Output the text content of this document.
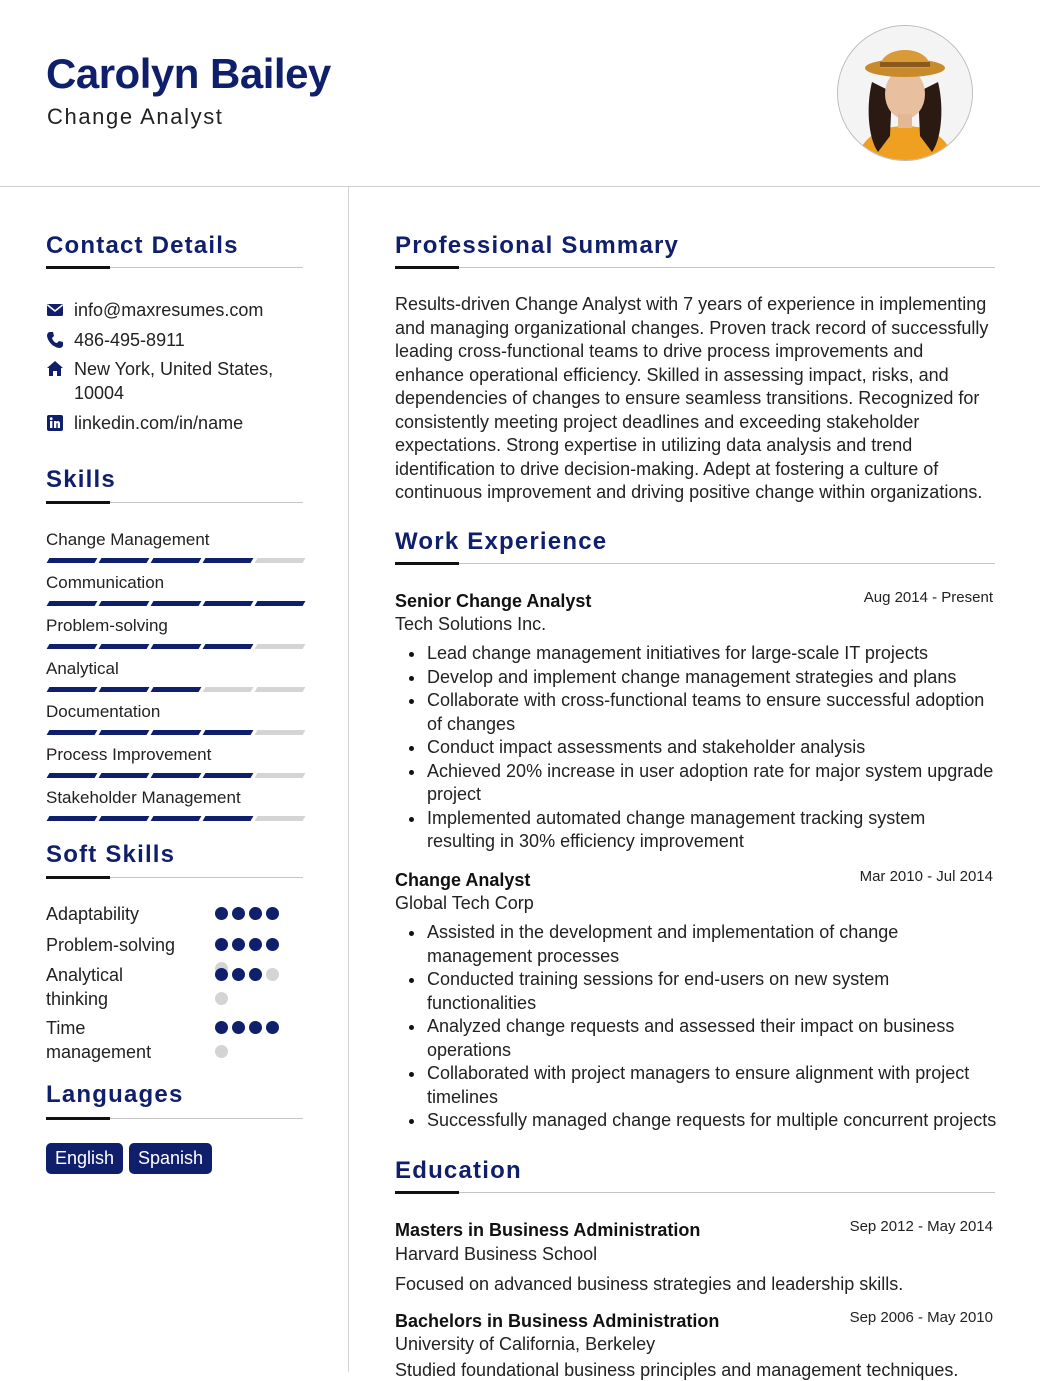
Carolyn Bailey
Change Analyst
Contact Details
info@maxresumes.com
486-495-8911
New York, United States, 10004
linkedin.com/in/name
Skills
Change Management
Communication
Problem-solving
Analytical
Documentation
Process Improvement
Stakeholder Management
Soft Skills
Adaptability
Problem-solving
Analytical thinking
Time management
Languages
English	Spanish
Professional Summary
Results-driven Change Analyst with 7 years of experience in implementing and managing organizational changes. Proven track record of successfully leading cross-functional teams to drive process improvements and enhance operational efficiency. Skilled in assessing impact, risks, and dependencies of changes to ensure seamless transitions. Recognized for consistently meeting project deadlines and exceeding stakeholder expectations. Strong expertise in utilizing data analysis and trend identification to drive decision-making. Adept at fostering a culture of continuous improvement and driving positive change within organizations.
Work Experience
Senior Change Analyst	Aug 2014 - Present
Tech Solutions Inc.
Lead change management initiatives for large-scale IT projects
Develop and implement change management strategies and plans
Collaborate with cross-functional teams to ensure successful adoption of changes
Conduct impact assessments and stakeholder analysis
Achieved 20% increase in user adoption rate for major system upgrade project
Implemented automated change management tracking system resulting in 30% efficiency improvement
Change Analyst	Mar 2010 - Jul 2014
Global Tech Corp
Assisted in the development and implementation of change management processes
Conducted training sessions for end-users on new system functionalities
Analyzed change requests and assessed their impact on business operations
Collaborated with project managers to ensure alignment with project timelines
Successfully managed change requests for multiple concurrent projects
Education
Masters in Business Administration	Sep 2012 - May 2014
Harvard Business School
Focused on advanced business strategies and leadership skills.
Bachelors in Business Administration	Sep 2006 - May 2010
University of California, Berkeley
Studied foundational business principles and management techniques.
